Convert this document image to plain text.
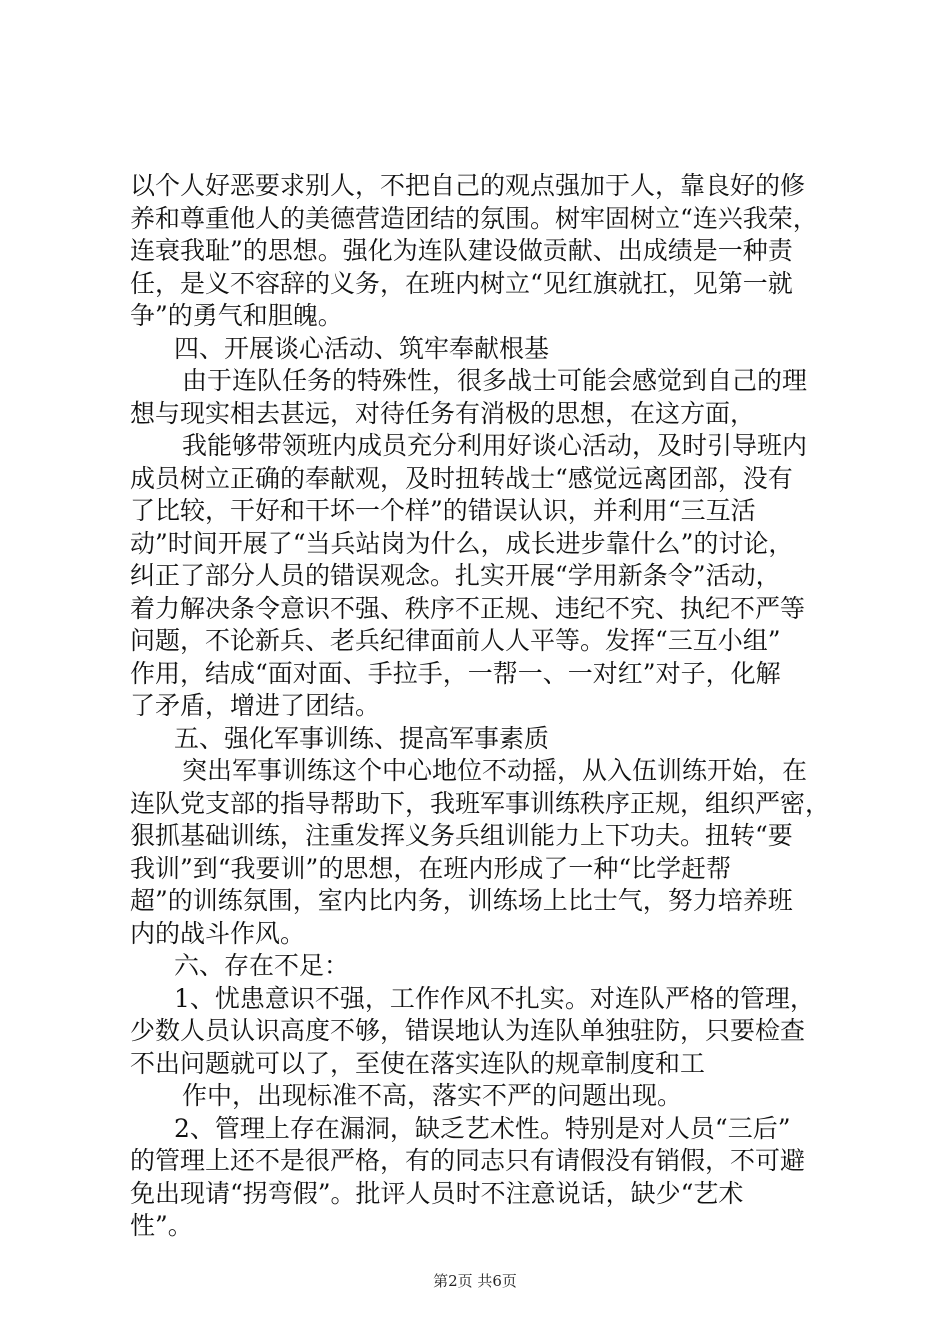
以个人好恶要求别人，不把自己的观点强加于人，靠良好的修
养和尊重他人的美德营造团结的氛围。树牢固树立“连兴我荣，
连衰我耻”的思想。强化为连队建设做贡献、出成绩是一种责
任，是义不容辞的义务，在班内树立“见红旗就扛，见第一就
争”的勇气和胆魄。
四、开展谈心活动、筑牢奉献根基
由于连队任务的特殊性，很多战士可能会感觉到自己的理
想与现实相去甚远，对待任务有消极的思想，在这方面，
我能够带领班内成员充分利用好谈心活动，及时引导班内
成员树立正确的奉献观，及时扭转战士“感觉远离团部，没有
了比较，干好和干坏一个样”的错误认识，并利用“三互活
动”时间开展了“当兵站岗为什么，成长进步靠什么”的讨论，
纠正了部分人员的错误观念。扎实开展“学用新条令”活动，
着力解决条令意识不强、秩序不正规、违纪不究、执纪不严等
问题，不论新兵、老兵纪律面前人人平等。发挥“三互小组”
作用，结成“面对面、手拉手，一帮一、一对红”对子，化解
了矛盾，增进了团结。
五、强化军事训练、提高军事素质
突出军事训练这个中心地位不动摇，从入伍训练开始，在
连队党支部的指导帮助下，我班军事训练秩序正规，组织严密，
狠抓基础训练，注重发挥义务兵组训能力上下功夫。扭转“要
我训”到“我要训”的思想，在班内形成了一种“比学赶帮
超”的训练氛围，室内比内务，训练场上比士气，努力培养班
内的战斗作风。
六、存在不足：
1、忧患意识不强，工作作风不扎实。对连队严格的管理，
少数人员认识高度不够，错误地认为连队单独驻防，只要检查
不出问题就可以了，至使在落实连队的规章制度和工
作中，出现标准不高，落实不严的问题出现。
2、管理上存在漏洞，缺乏艺术性。特别是对人员“三后”
的管理上还不是很严格，有的同志只有请假没有销假，不可避
免出现请“拐弯假”。批评人员时不注意说话，缺少“艺术
性”。
第2页 共6页
